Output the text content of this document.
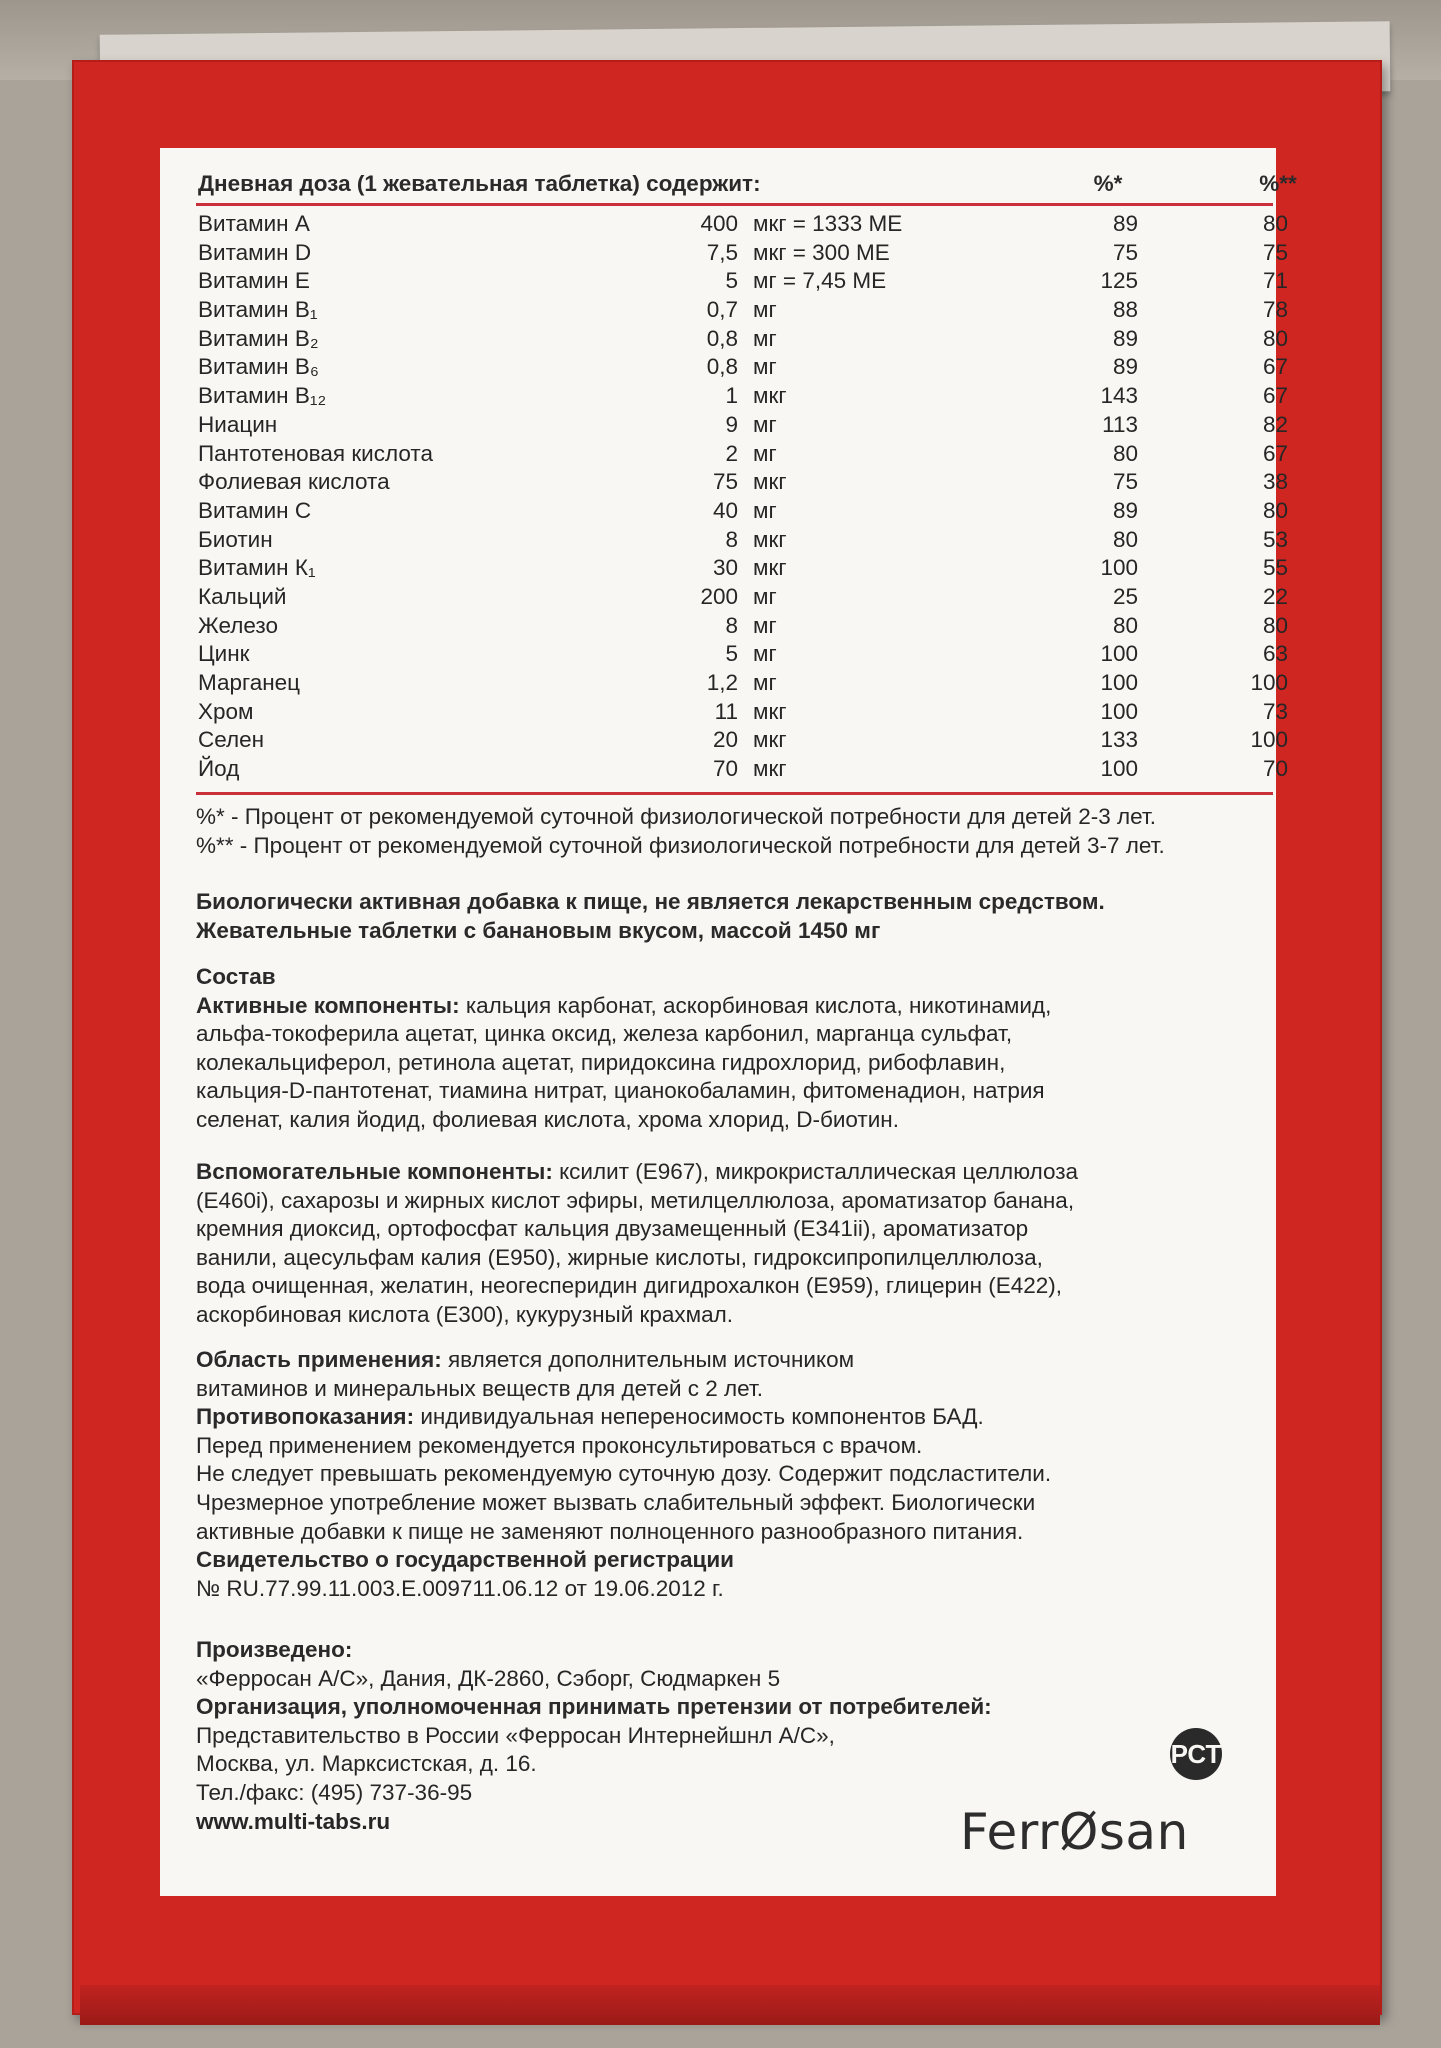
Дневная доза (1 жевательная таблетка) содержит:	%*	%**
Витамин А	400 мкг = 1333 МЕ	89	80
Витамин D	7,5 мкг = 300 МЕ	75	75
Витамин Е	5 мг = 7,45 МЕ	125	71
Витамин В₁	0,7 мг	88	78
Витамин В₂	0,8 мг	89	80
Витамин В₆	0,8 мг	89	67
Витамин В₁₂	1 мкг	143	67
Ниацин	9 мг	113	82
Пантотеновая кислота	2 мг	80	67
Фолиевая кислота	75 мкг	75	38
Витамин С	40 мг	89	80
Биотин	8 мкг	80	53
Витамин К₁	30 мкг	100	55
Кальций	200 мг	25	22
Железо	8 мг	80	80
Цинк	5 мг	100	63
Марганец	1,2 мг	100	100
Хром	11 мкг	100	73
Селен	20 мкг	133	100
Йод	70 мкг	100	70

%* - Процент от рекомендуемой суточной физиологической потребности для детей 2-3 лет.

%** - Процент от рекомендуемой суточной физиологической потребности для детей 3-7 лет.

Биологически активная добавка к пище, не является лекарственным средством.

Жевательные таблетки с банановым вкусом, массой 1450 мг

Состав

Активные компоненты: кальция карбонат, аскорбиновая кислота, никотинамид,

альфа-токоферила ацетат, цинка оксид, железа карбонил, марганца сульфат,

колекальциферол, ретинола ацетат, пиридоксина гидрохлорид, рибофлавин,

кальция-D-пантотенат, тиамина нитрат, цианокобаламин, фитоменадион, натрия

селенат, калия йодид, фолиевая кислота, хрома хлорид, D-биотин.

Вспомогательные компоненты: ксилит (Е967), микрокристаллическая целлюлоза

(Е460i), сахарозы и жирных кислот эфиры, метилцеллюлоза, ароматизатор банана,

кремния диоксид, ортофосфат кальция двузамещенный (Е341ii), ароматизатор

ванили, ацесульфам калия (Е950), жирные кислоты, гидроксипропилцеллюлоза,

вода очищенная, желатин, неогесперидин дигидрохалкон (Е959), глицерин (Е422),

аскорбиновая кислота (Е300), кукурузный крахмал.

Область применения: является дополнительным источником

витаминов и минеральных веществ для детей с 2 лет.

Противопоказания: индивидуальная непереносимость компонентов БАД.

Перед применением рекомендуется проконсультироваться с врачом.

Не следует превышать рекомендуемую суточную дозу. Содержит подсластители.

Чрезмерное употребление может вызвать слабительный эффект. Биологически

активные добавки к пище не заменяют полноценного разнообразного питания.

Свидетельство о государственной регистрации

№ RU.77.99.11.003.Е.009711.06.12 от 19.06.2012 г.

Произведено:

«Ферросан А/С», Дания, ДК-2860, Сэборг, Сюдмаркен 5

Организация, уполномоченная принимать претензии от потребителей:

Представительство в России «Ферросан Интернейшнл А/С»,

Москва, ул. Марксистская, д. 16.

Тел./факс: (495) 737-36-95

www.multi-tabs.ru

РСТ
FerrØsan
